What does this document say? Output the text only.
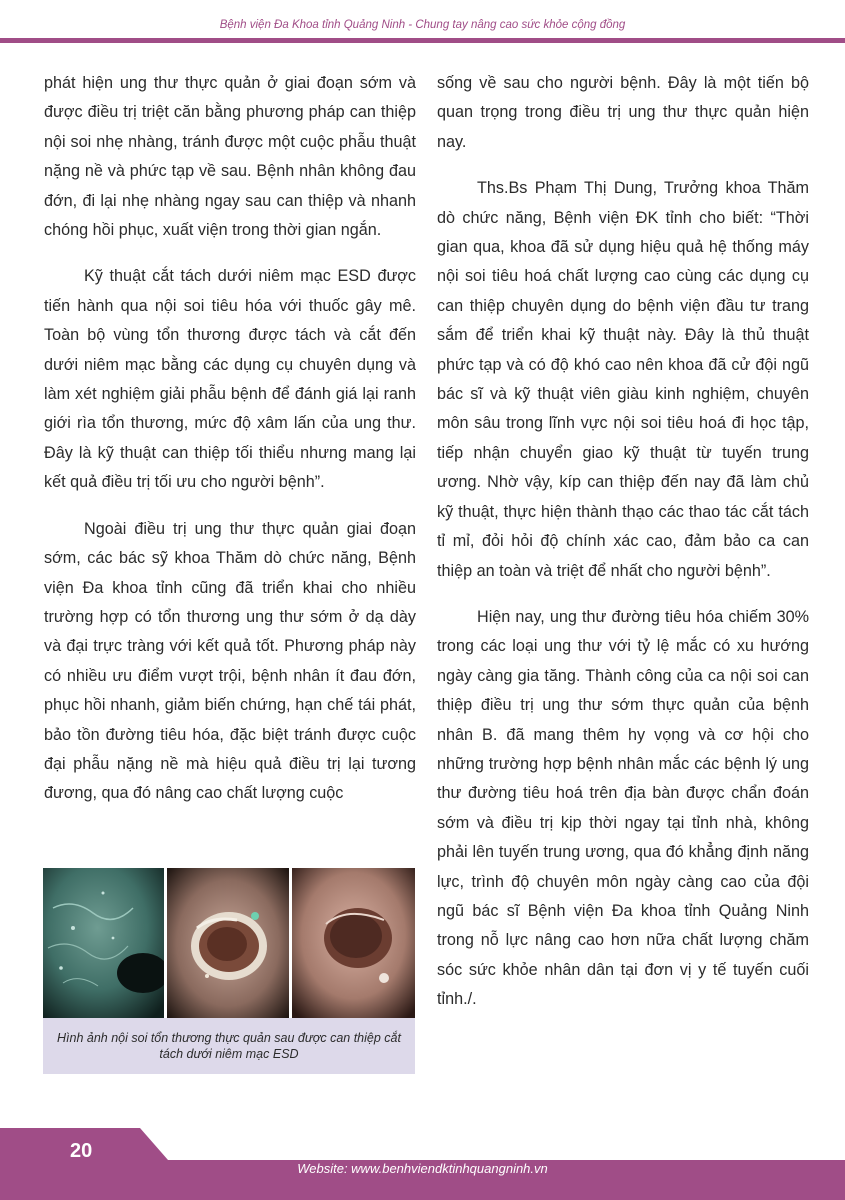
Bệnh viện Đa Khoa tỉnh Quảng Ninh - Chung tay nâng cao sức khỏe cộng đồng

phát hiện ung thư thực quản ở giai đoạn sớm và được điều trị triệt căn bằng phương pháp can thiệp nội soi nhẹ nhàng, tránh được một cuộc phẫu thuật nặng nề và phức tạp về sau. Bệnh nhân không đau đớn, đi lại nhẹ nhàng ngay sau can thiệp và nhanh chóng hồi phục, xuất viện trong thời gian ngắn.

Kỹ thuật cắt tách dưới niêm mạc ESD được tiến hành qua nội soi tiêu hóa với thuốc gây mê. Toàn bộ vùng tổn thương được tách và cắt đến dưới niêm mạc bằng các dụng cụ chuyên dụng và làm xét nghiệm giải phẫu bệnh để đánh giá lại ranh giới rìa tổn thương, mức độ xâm lấn của ung thư. Đây là kỹ thuật can thiệp tối thiểu nhưng mang lại kết quả điều trị tối ưu cho người bệnh”.

Ngoài điều trị ung thư thực quản giai đoạn sớm, các bác sỹ khoa Thăm dò chức năng, Bệnh viện Đa khoa tỉnh cũng đã triển khai cho nhiều trường hợp có tổn thương ung thư sớm ở dạ dày và đại trực tràng với kết quả tốt. Phương pháp này có nhiều ưu điểm vượt trội, bệnh nhân ít đau đớn, phục hồi nhanh, giảm biến chứng, hạn chế tái phát, bảo tồn đường tiêu hóa, đặc biệt tránh được cuộc đại phẫu nặng nề mà hiệu quả điều trị lại tương đương, qua đó nâng cao chất lượng cuộc

sống về sau cho người bệnh. Đây là một tiến bộ quan trọng trong điều trị ung thư thực quản hiện nay.

Ths.Bs Phạm Thị Dung, Trưởng khoa Thăm dò chức năng, Bệnh viện ĐK tỉnh cho biết: “Thời gian qua, khoa đã sử dụng hiệu quả hệ thống máy nội soi tiêu hoá chất lượng cao cùng các dụng cụ can thiệp chuyên dụng do bệnh viện đầu tư trang sắm để triển khai kỹ thuật này. Đây là thủ thuật phức tạp và có độ khó cao nên khoa đã cử đội ngũ bác sĩ và kỹ thuật viên giàu kinh nghiệm, chuyên môn sâu trong lĩnh vực nội soi tiêu hoá đi học tập, tiếp nhận chuyển giao kỹ thuật từ tuyến trung ương. Nhờ vậy, kíp can thiệp đến nay đã làm chủ kỹ thuật, thực hiện thành thạo các thao tác cắt tách tỉ mỉ, đỏi hỏi độ chính xác cao, đảm bảo ca can thiệp an toàn và triệt để nhất cho người bệnh”.

Hiện nay, ung thư đường tiêu hóa chiếm 30% trong các loại ung thư với tỷ lệ mắc có xu hướng ngày càng gia tăng. Thành công của ca nội soi can thiệp điều trị ung thư sớm thực quản của bệnh nhân B. đã mang thêm hy vọng và cơ hội cho những trường hợp bệnh nhân mắc các bệnh lý ung thư đường tiêu hoá trên địa bàn được chẩn đoán sớm và điều trị kịp thời ngay tại tỉnh nhà, không phải lên tuyến trung ương, qua đó khẳng định năng lực, trình độ chuyên môn ngày càng cao của đội ngũ bác sĩ Bệnh viện Đa khoa tỉnh Quảng Ninh trong nỗ lực nâng cao hơn nữa chất lượng chăm sóc sức khỏe nhân dân tại đơn vị y tế tuyến cuối tỉnh./.

Hình ảnh nội soi tổn thương thực quản sau được can thiệp cắt tách dưới niêm mạc ESD
20
Website: www.benhviendktinhquangninh.vn
